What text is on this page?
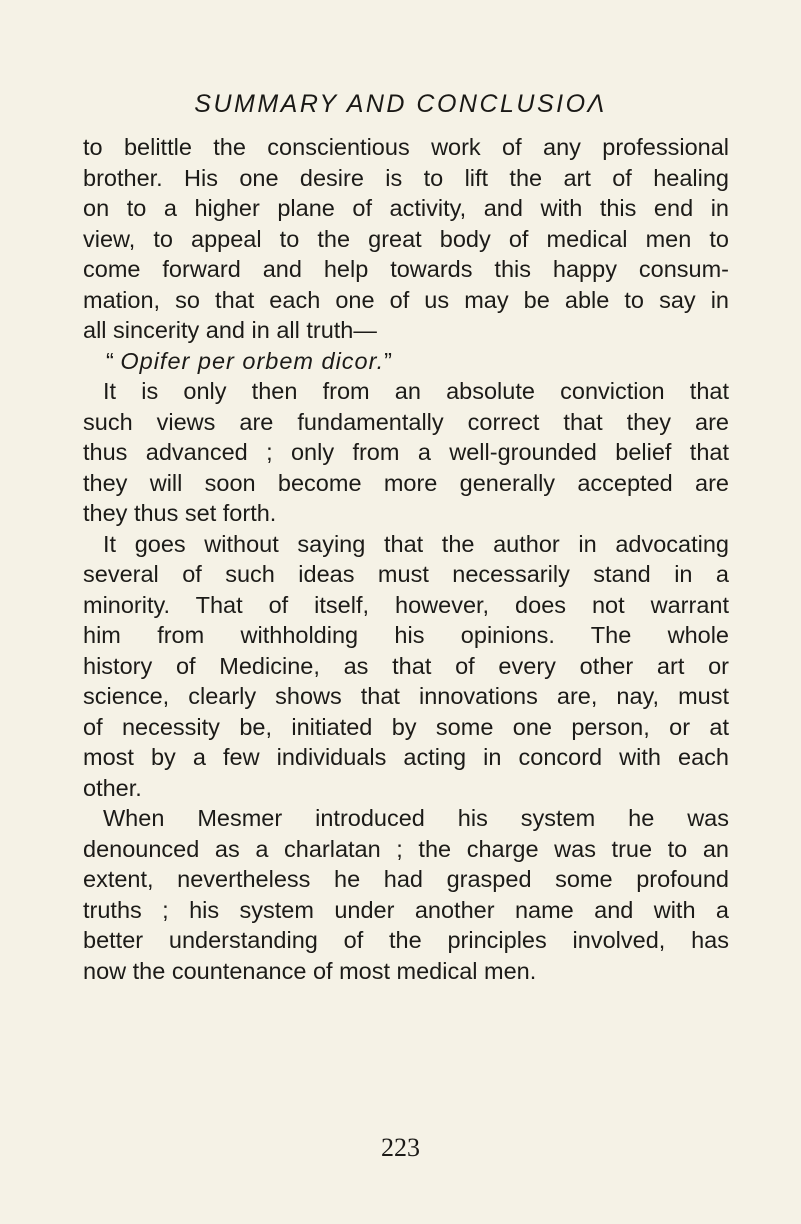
SUMMARY AND CONCLUSIOɅ
to belittle the conscientious work of any professional
brother. His one desire is to lift the art of healing
on to a higher plane of activity, and with this end in
view, to appeal to the great body of medical men to
come forward and help towards this happy consum-
mation, so that each one of us may be able to say in
all sincerity and in all truth—
“ Opifer per orbem dicor.”
It is only then from an absolute conviction that
such views are fundamentally correct that they are
thus advanced ; only from a well-grounded belief that
they will soon become more generally accepted are
they thus set forth.
It goes without saying that the author in advocating
several of such ideas must necessarily stand in a
minority. That of itself, however, does not warrant
him from withholding his opinions. The whole
history of Medicine, as that of every other art or
science, clearly shows that innovations are, nay, must
of necessity be, initiated by some one person, or at
most by a few individuals acting in concord with each
other.
When Mesmer introduced his system he was
denounced as a charlatan ; the charge was true to an
extent, nevertheless he had grasped some profound
truths ; his system under another name and with a
better understanding of the principles involved, has
now the countenance of most medical men.
223
